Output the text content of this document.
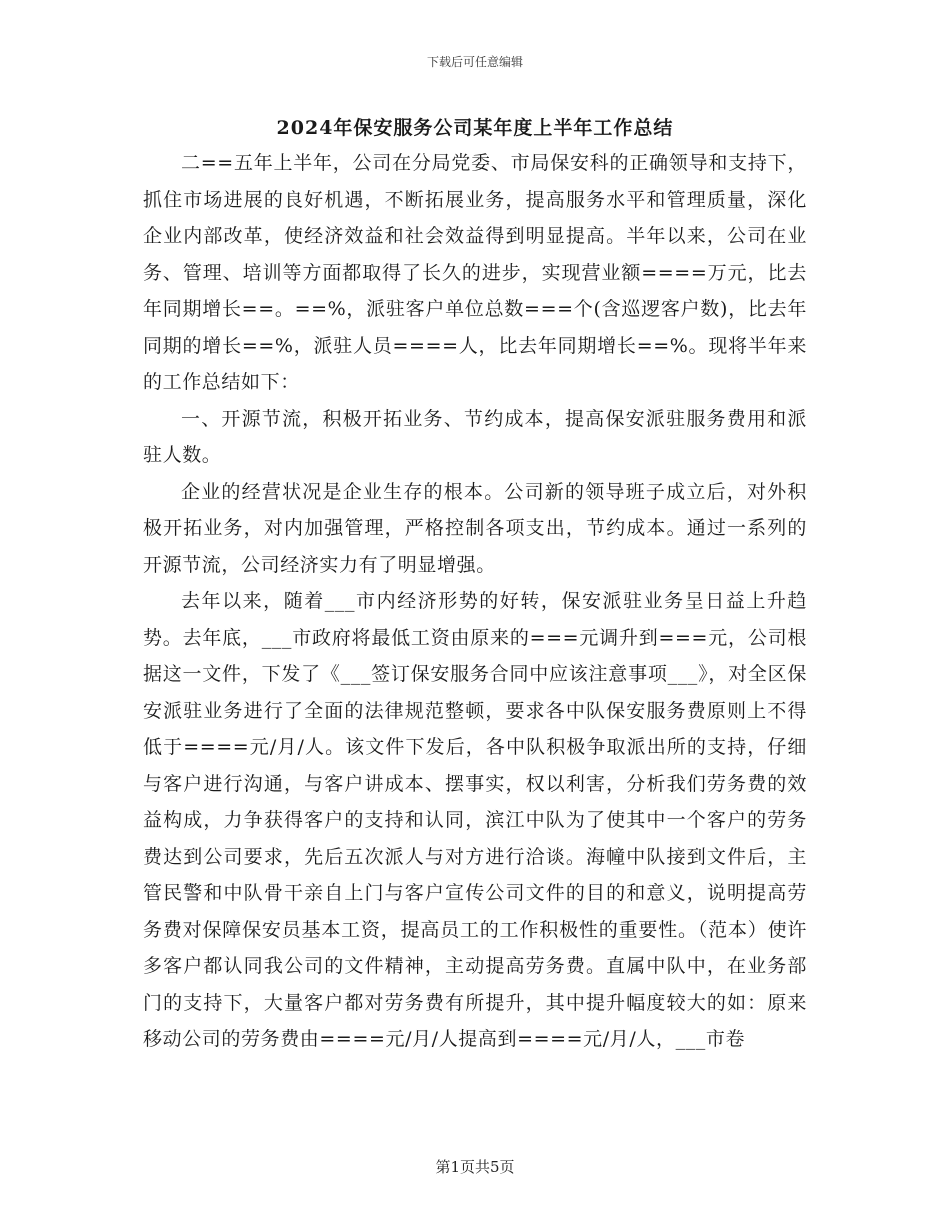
下载后可任意编辑
2024年保安服务公司某年度上半年工作总结

二==五年上半年，公司在分局党委、市局保安科的正确领导和支持下，抓住市场进展的良好机遇，不断拓展业务，提高服务水平和管理质量，深化企业内部改革，使经济效益和社会效益得到明显提高。半年以来，公司在业务、管理、培训等方面都取得了长久的进步，实现营业额====万元，比去年同期增长==。==%，派驻客户单位总数===个(含巡逻客户数)，比去年同期的增长==%，派驻人员====人，比去年同期增长==%。现将半年来的工作总结如下：

一、开源节流，积极开拓业务、节约成本，提高保安派驻服务费用和派驻人数。

企业的经营状况是企业生存的根本。公司新的领导班子成立后，对外积极开拓业务，对内加强管理，严格控制各项支出，节约成本。通过一系列的开源节流，公司经济实力有了明显增强。

去年以来，随着___市内经济形势的好转，保安派驻业务呈日益上升趋势。去年底，___市政府将最低工资由原来的===元调升到===元，公司根据这一文件，下发了《___签订保安服务合同中应该注意事项___》，对全区保安派驻业务进行了全面的法律规范整顿，要求各中队保安服务费原则上不得低于====元/月/人。该文件下发后，各中队积极争取派出所的支持，仔细与客户进行沟通，与客户讲成本、摆事实，权以利害，分析我们劳务费的效益构成，力争获得客户的支持和认同，滨江中队为了使其中一个客户的劳务费达到公司要求，先后五次派人与对方进行洽谈。海幢中队接到文件后，主管民警和中队骨干亲自上门与客户宣传公司文件的目的和意义，说明提高劳务费对保障保安员基本工资，提高员工的工作积极性的重要性。（范本）使许多客户都认同我公司的文件精神，主动提高劳务费。直属中队中，在业务部门的支持下，大量客户都对劳务费有所提升，其中提升幅度较大的如：原来移动公司的劳务费由====元/月/人提高到====元/月/人，___市卷

第1页共5页
